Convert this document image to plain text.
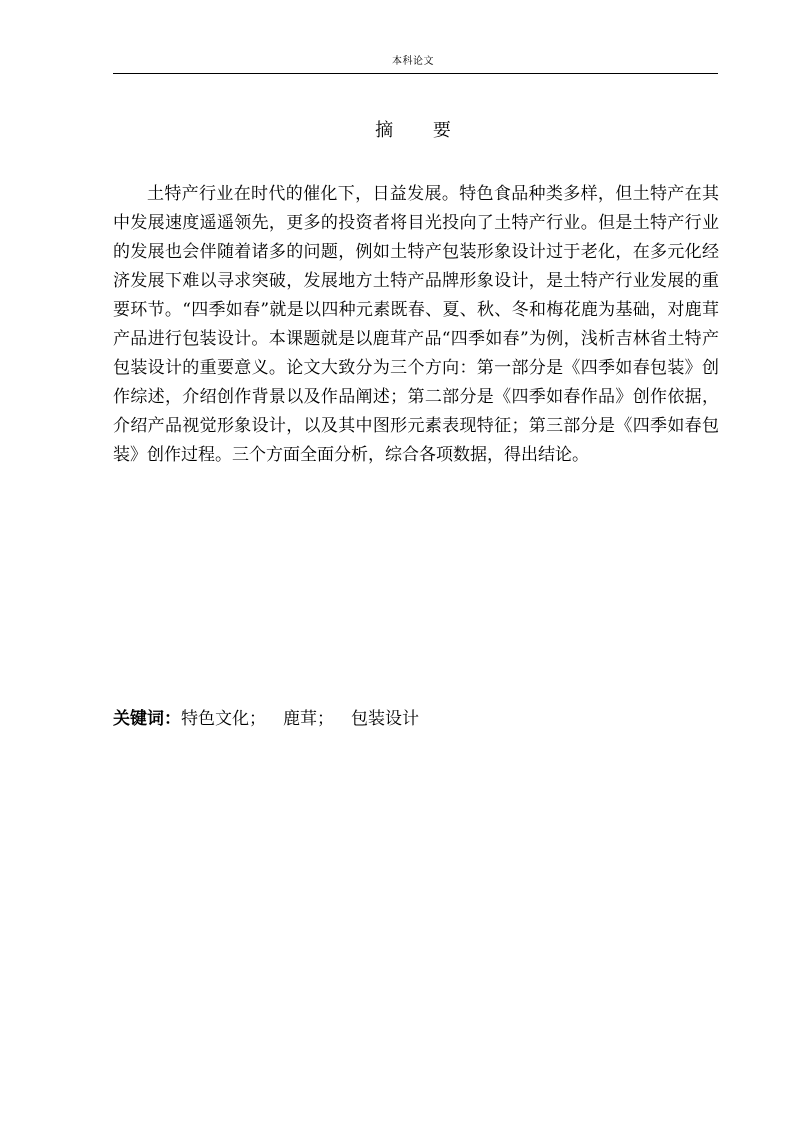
本科论文
摘 要

土特产行业在时代的催化下，日益发展。特色食品种类多样，但土特产在其中发展速度遥遥领先，更多的投资者将目光投向了土特产行业。但是土特产行业的发展也会伴随着诸多的问题，例如土特产包装形象设计过于老化，在多元化经济发展下难以寻求突破，发展地方土特产品牌形象设计，是土特产行业发展的重要环节。“四季如春”就是以四种元素既春、夏、秋、冬和梅花鹿为基础，对鹿茸产品进行包装设计。本课题就是以鹿茸产品“四季如春”为例，浅析吉林省土特产包装设计的重要意义。论文大致分为三个方向：第一部分是《四季如春包装》创作综述，介绍创作背景以及作品阐述；第二部分是《四季如春作品》创作依据，介绍产品视觉形象设计，以及其中图形元素表现特征；第三部分是《四季如春包装》创作过程。三个方面全面分析，综合各项数据，得出结论。

关键词：特色文化； 鹿茸； 包装设计
